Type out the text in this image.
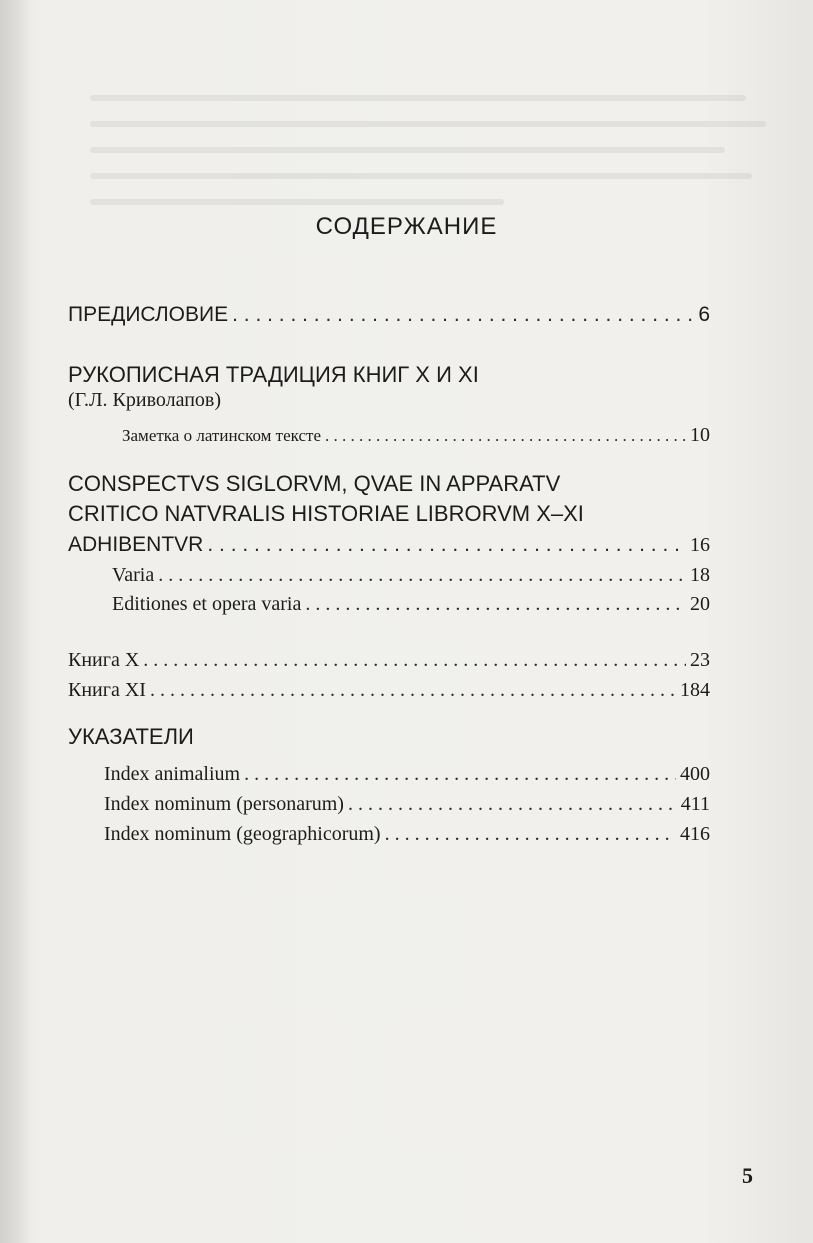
СОДЕРЖАНИЕ
ПРЕДИСЛОВИЕ . . .	6
РУКОПИСНАЯ ТРАДИЦИЯ КНИГ X И XI
(Г.Л. Криволапов)
Заметка о латинском тексте . . .	10
CONSPECTVS SIGLORVM, QVAE IN APPARATV
CRITICO NATVRALIS HISTORIAE LIBRORVM X–XI
ADHIBENTVR . . .	16
Varia . . .	18
Editiones et opera varia . . .	20
Книга X . . .	23
Книга XI . . .	184
УКАЗАТЕЛИ
Index animalium . . .	400
Index nominum (personarum) . . .	411
Index nominum (geographicorum) . . .	416
5
